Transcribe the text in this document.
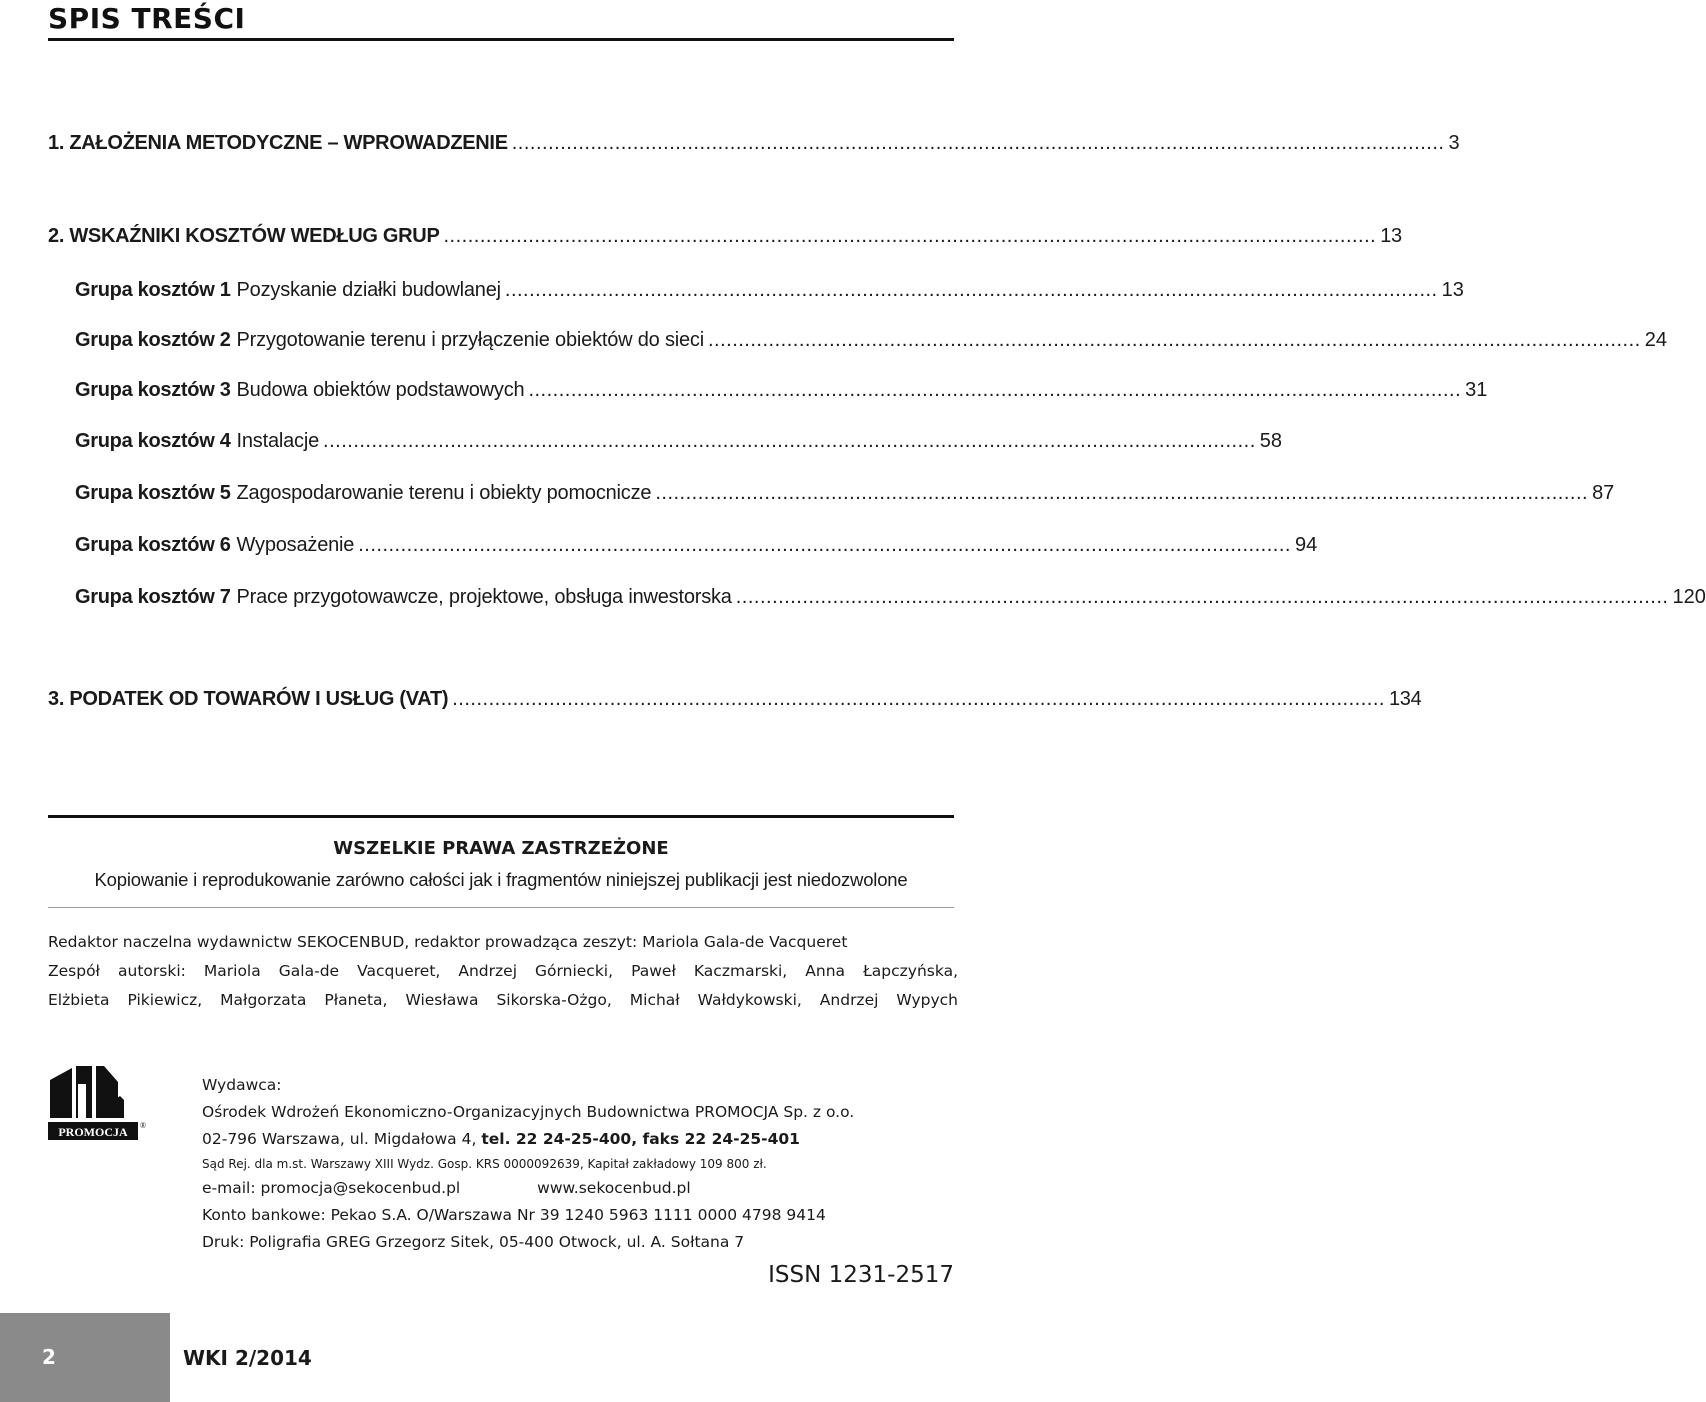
SPIS TREŚCI
1. ZAŁOŻENIA METODYCZNE – WPROWADZENIE .......................................................................................................................................................... 3
2. WSKAŹNIKI KOSZTÓW WEDŁUG GRUP .......................................................................................................................................................... 13
Grupa kosztów 1 Pozyskanie działki budowlanej .......................................................................................................................................................... 13
Grupa kosztów 2 Przygotowanie terenu i przyłączenie obiektów do sieci .......................................................................................................................................................... 24
Grupa kosztów 3 Budowa obiektów podstawowych .......................................................................................................................................................... 31
Grupa kosztów 4 Instalacje .......................................................................................................................................................... 58
Grupa kosztów 5 Zagospodarowanie terenu i obiekty pomocnicze .......................................................................................................................................................... 87
Grupa kosztów 6 Wyposażenie .......................................................................................................................................................... 94
Grupa kosztów 7 Prace przygotowawcze, projektowe, obsługa inwestorska .......................................................................................................................................................... 120
3. PODATEK OD TOWARÓW I USŁUG (VAT) .......................................................................................................................................................... 134
WSZELKIE PRAWA ZASTRZEŻONE
Kopiowanie i reprodukowanie zarówno całości jak i fragmentów niniejszej publikacji jest niedozwolone
Redaktor naczelna wydawnictw SEKOCENBUD, redaktor prowadząca zeszyt: Mariola Gala-de Vacqueret
Zespół autorski: Mariola Gala-de Vacqueret, Andrzej Górniecki, Paweł Kaczmarski, Anna Łapczyńska,
Elżbieta Pikiewicz, Małgorzata Płaneta, Wiesława Sikorska-Ożgo, Michał Wałdykowski, Andrzej Wypych
PROMOCJA ®
Wydawca:
Ośrodek Wdrożeń Ekonomiczno-Organizacyjnych Budownictwa PROMOCJA Sp. z o.o.
02-796 Warszawa, ul. Migdałowa 4, tel. 22 24-25-400, faks 22 24-25-401
Sąd Rej. dla m.st. Warszawy XIII Wydz. Gosp. KRS 0000092639, Kapitał zakładowy 109 800 zł.
e-mail: promocja@sekocenbud.pl	www.sekocenbud.pl
Konto bankowe: Pekao S.A. O/Warszawa Nr 39 1240 5963 1111 0000 4798 9414
Druk: Poligrafia GREG Grzegorz Sitek, 05-400 Otwock, ul. A. Sołtana 7
ISSN 1231-2517
2	WKI 2/2014
